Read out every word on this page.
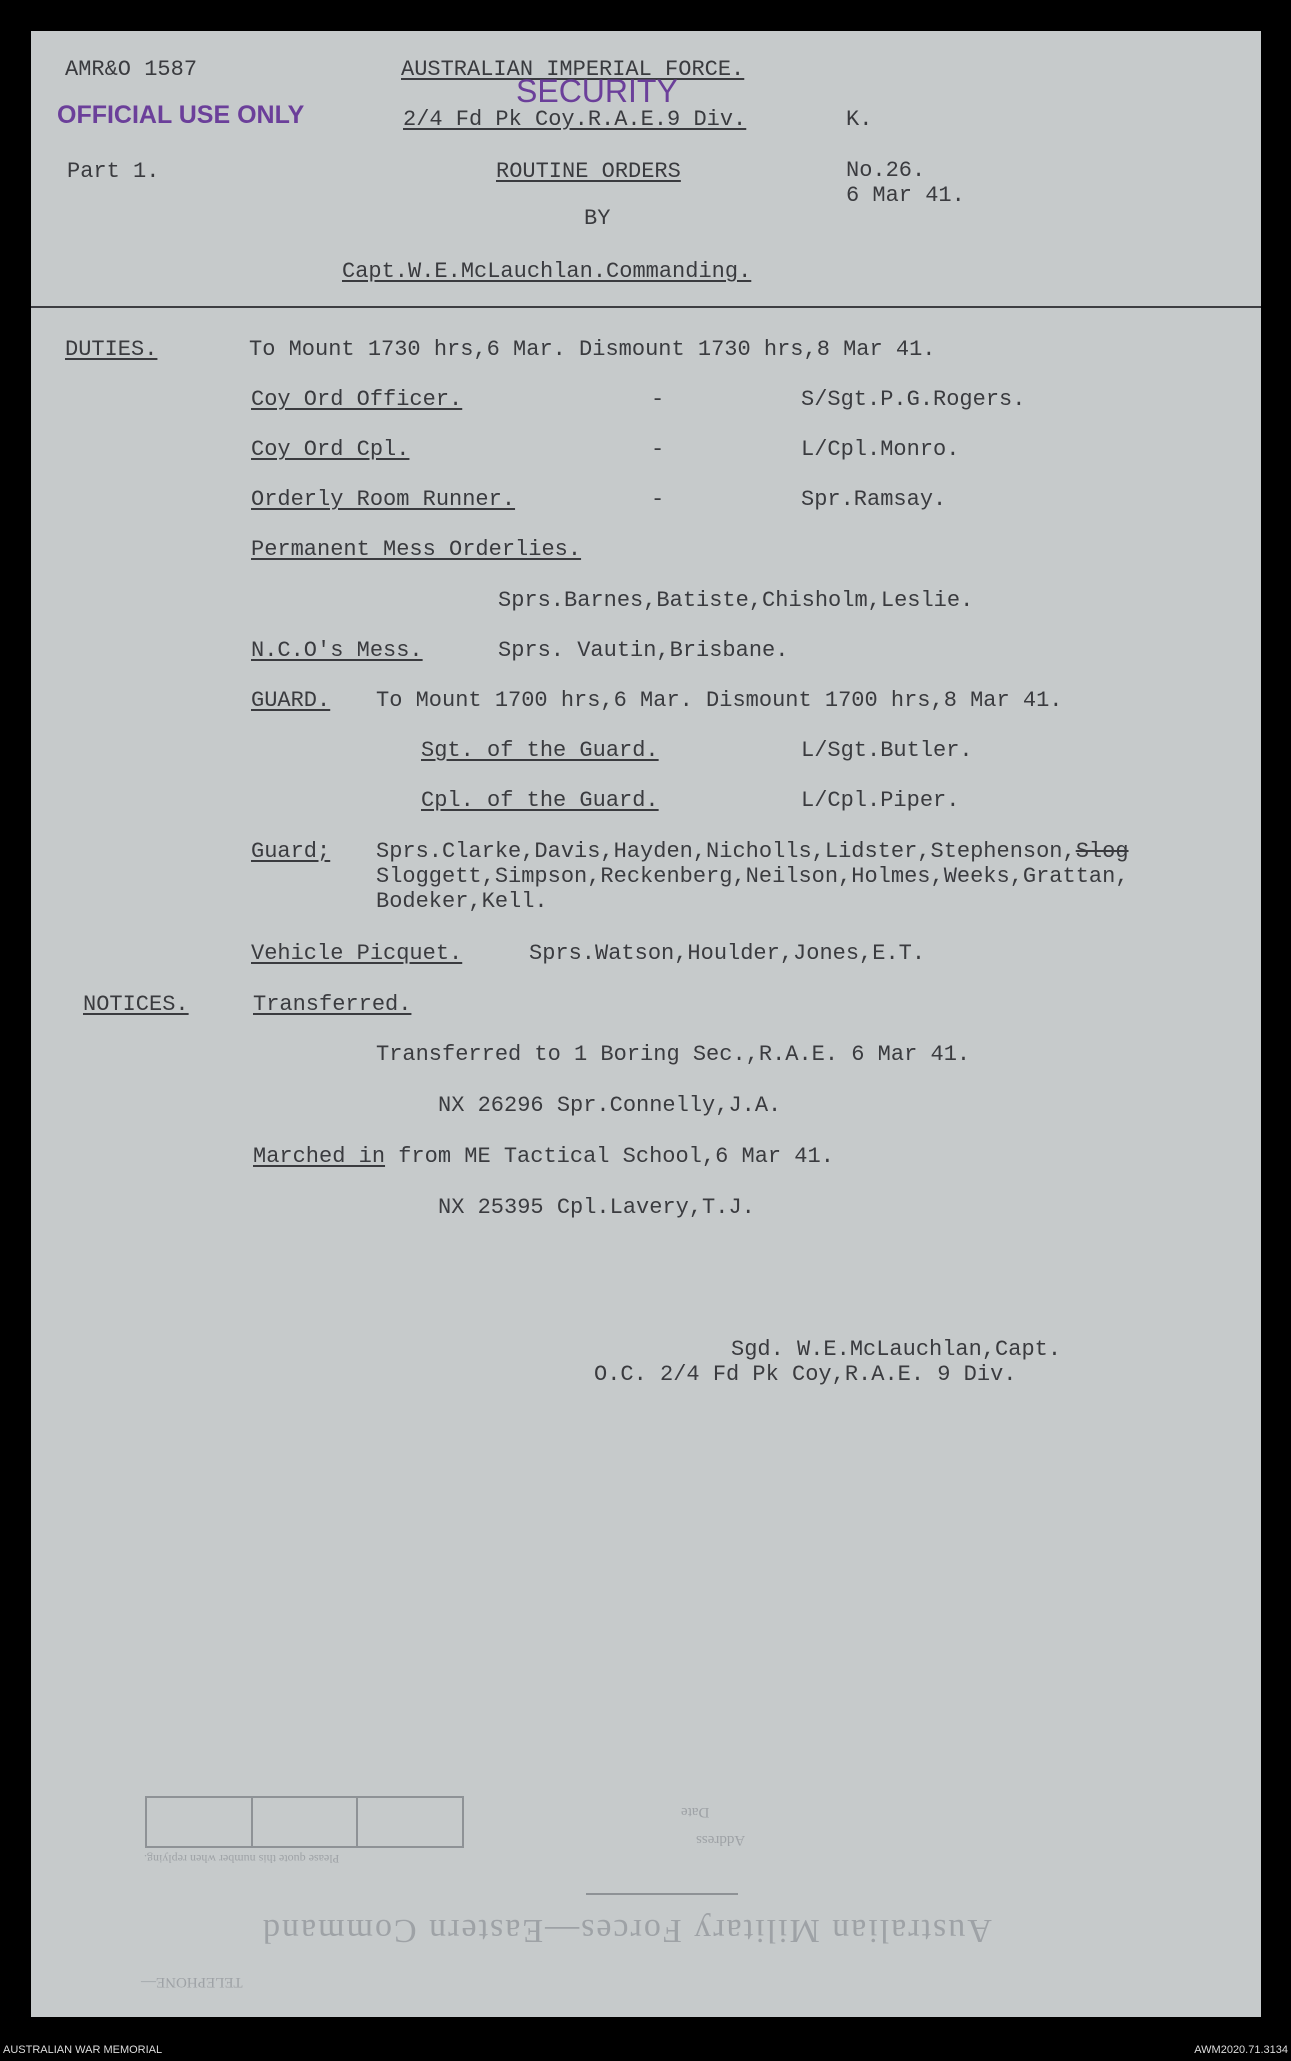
AMR&O 1587
OFFICIAL USE ONLY
Part 1.
AUSTRALIAN IMPERIAL FORCE.
SECURITY
2/4 Fd Pk Coy.R.A.E.9 Div.	K.
ROUTINE ORDERS	No.26.
6 Mar 41.
BY
Capt.W.E.McLauchlan.Commanding.
DUTIES.	To Mount 1730 hrs,6 Mar. Dismount 1730 hrs,8 Mar 41.
Coy Ord Officer.	-	S/Sgt.P.G.Rogers.
Coy Ord Cpl.	-	L/Cpl.Monro.
Orderly Room Runner.	-	Spr.Ramsay.
Permanent Mess Orderlies.
Sprs.Barnes,Batiste,Chisholm,Leslie.
N.C.O's Mess.	Sprs. Vautin,Brisbane.
GUARD. To Mount 1700 hrs,6 Mar. Dismount 1700 hrs,8 Mar 41.
Sgt. of the Guard.	L/Sgt.Butler.
Cpl. of the Guard.	L/Cpl.Piper.
Guard; Sprs.Clarke,Davis,Hayden,Nicholls,Lidster,Stephenson,Slog
Sloggett,Simpson,Reckenberg,Neilson,Holmes,Weeks,Grattan,
Bodeker,Kell.
Vehicle Picquet.	Sprs.Watson,Houlder,Jones,E.T.
NOTICES.	Transferred.
Transferred to 1 Boring Sec.,R.A.E. 6 Mar 41.
NX 26296 Spr.Connelly,J.A.
Marched in from ME Tactical School,6 Mar 41.
NX 25395 Cpl.Lavery,T.J.
Sgd. W.E.McLauchlan,Capt.
O.C. 2/4 Fd Pk Coy,R.A.E. 9 Div.
Australian Military Forces—Eastern Command
TELEPHONE—
Please quote this number when replying.
Address
Date
AUSTRALIAN WAR MEMORIAL	AWM2020.71.3134
